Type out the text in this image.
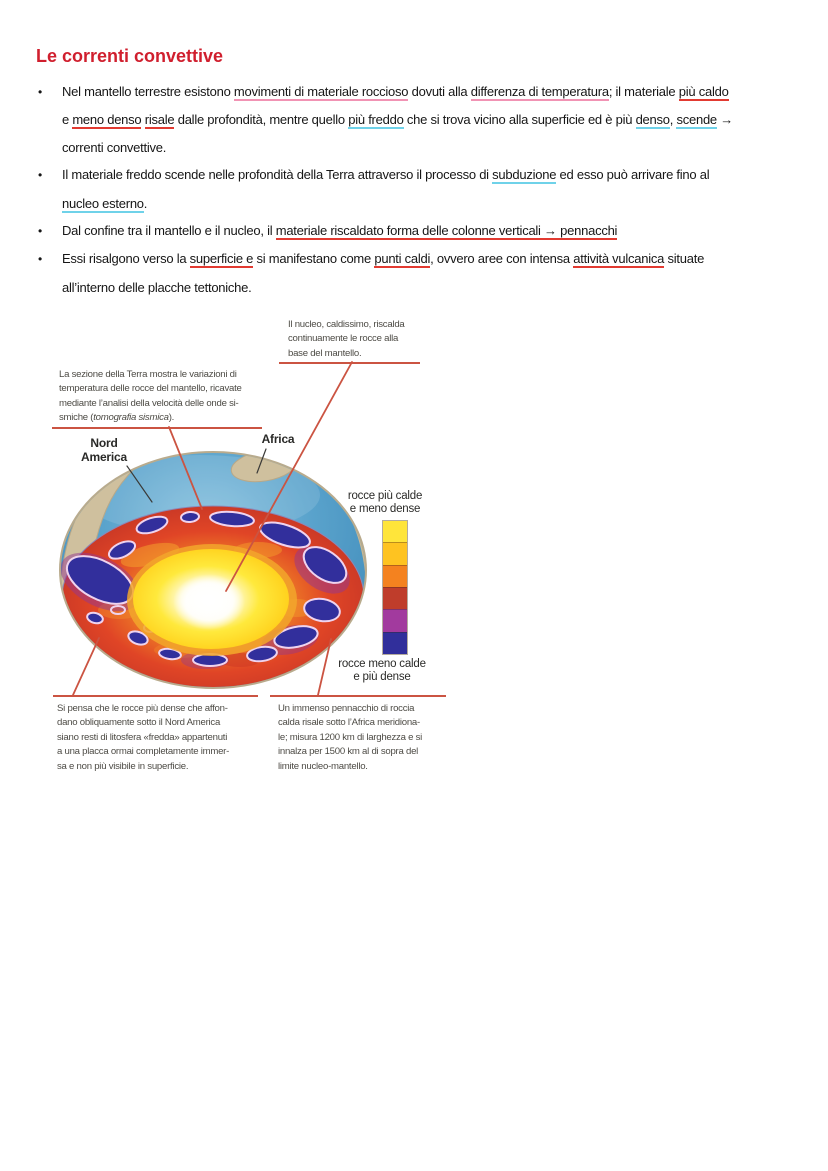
Le correnti convettive
•	Nel mantello terrestre esistono movimenti di materiale roccioso dovuti alla differenza di temperatura; il materiale più caldo
e meno denso risale dalle profondità, mentre quello più freddo che si trova vicino alla superficie ed è più denso, scende →
correnti convettive.
•	Il materiale freddo scende nelle profondità della Terra attraverso il processo di subduzione ed esso può arrivare fino al
nucleo esterno.
•	Dal confine tra il mantello e il nucleo, il materiale riscaldato forma delle colonne verticali → pennacchi
•	Essi risalgono verso la superficie e si manifestano come punti caldi, ovvero aree con intensa attività vulcanica situate
all’interno delle placche tettoniche.
La sezione della Terra mostra le variazioni di
temperatura delle rocce del mantello, ricavate
mediante l’analisi della velocità delle onde si-
smiche (tomografia sismica).
Il nucleo, caldissimo, riscalda
continuamente le rocce alla
base del mantello.
Nord
America
Africa
rocce più calde
e meno dense
rocce meno calde
e più dense
Si pensa che le rocce più dense che affon-
dano obliquamente sotto il Nord America
siano resti di litosfera «fredda» appartenuti
a una placca ormai completamente immer-
sa e non più visibile in superficie.
Un immenso pennacchio di roccia
calda risale sotto l’Africa meridiona-
le; misura 1200 km di larghezza e si
innalza per 1500 km al di sopra del
limite nucleo-mantello.
